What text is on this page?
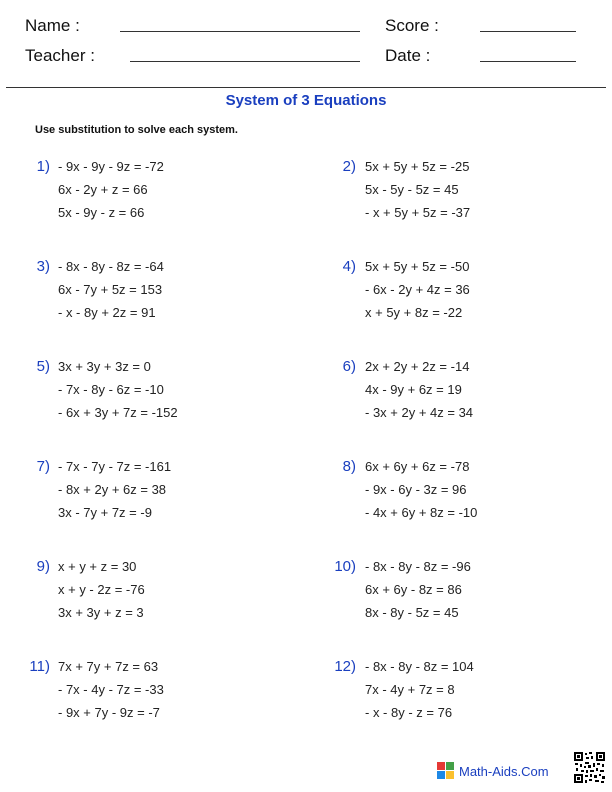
Name :	Score :
Teacher :	Date :
System of 3 Equations
Use substitution to solve each system.
1) - 9x - 9y - 9z = -72
6x - 2y + z = 66
5x - 9y - z = 66
2) 5x + 5y + 5z = -25
5x - 5y - 5z = 45
- x + 5y + 5z = -37
3) - 8x - 8y - 8z = -64
6x - 7y + 5z = 153
- x - 8y + 2z = 91
4) 5x + 5y + 5z = -50
- 6x - 2y + 4z = 36
x + 5y + 8z = -22
5) 3x + 3y + 3z = 0
- 7x - 8y - 6z = -10
- 6x + 3y + 7z = -152
6) 2x + 2y + 2z = -14
4x - 9y + 6z = 19
- 3x + 2y + 4z = 34
7) - 7x - 7y - 7z = -161
- 8x + 2y + 6z = 38
3x - 7y + 7z = -9
8) 6x + 6y + 6z = -78
- 9x - 6y - 3z = 96
- 4x + 6y + 8z = -10
9) x + y + z = 30
x + y - 2z = -76
3x + 3y + z = 3
10) - 8x - 8y - 8z = -96
6x + 6y - 8z = 86
8x - 8y - 5z = 45
11) 7x + 7y + 7z = 63
- 7x - 4y - 7z = -33
- 9x + 7y - 9z = -7
12) - 8x - 8y - 8z = 104
7x - 4y + 7z = 8
- x - 8y - z = 76
Math-Aids.Com
